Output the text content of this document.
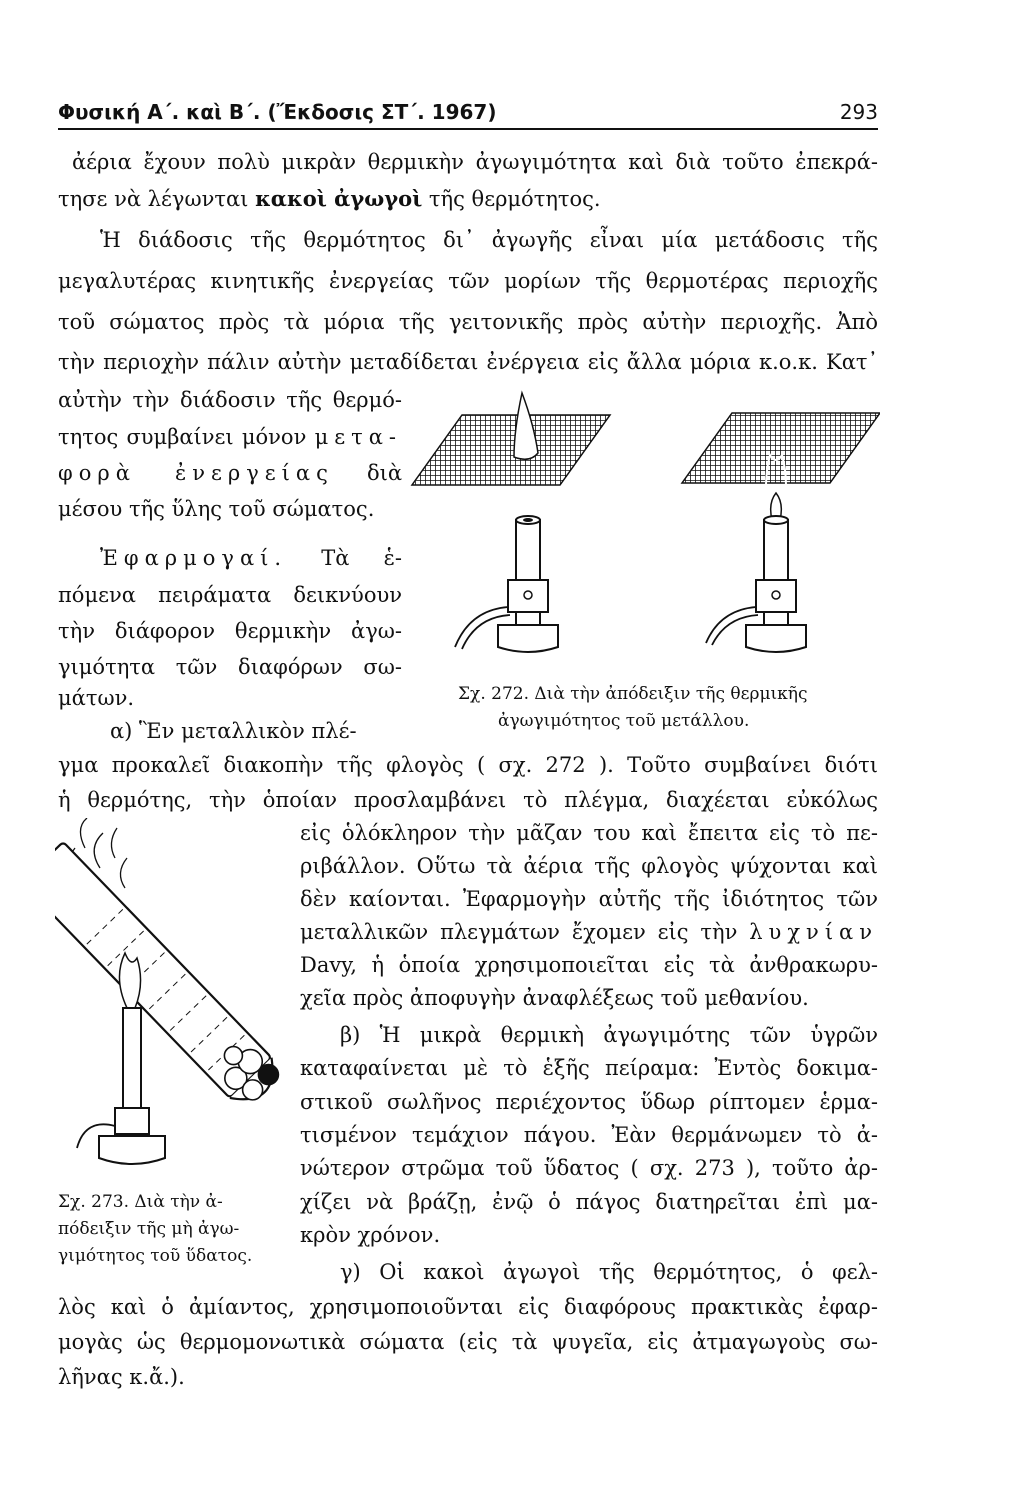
Φυσική Α΄. καὶ Β΄. (Ἔκδοσις ΣΤ΄. 1967)	293
ἀέρια ἔχουν πολὺ μικρὰν θερμικὴν ἀγωγιμότητα καὶ διὰ τοῦτο ἐπεκρά-
τησε νὰ λέγωνται κακοὶ ἀγωγοὶ τῆς θερμότητος.
Ἡ διάδοσις τῆς θερμότητος δι᾽ ἀγωγῆς εἶναι μία μετάδοσις τῆς
μεγαλυτέρας κινητικῆς ἐνεργείας τῶν μορίων τῆς θερμοτέρας περιοχῆς
τοῦ σώματος πρὸς τὰ μόρια τῆς γειτονικῆς πρὸς αὐτὴν περιοχῆς. Ἀπὸ
τὴν περιοχὴν πάλιν αὐτὴν μεταδίδεται ἐνέργεια εἰς ἄλλα μόρια κ.ο.κ. Κατ᾽
αὐτὴν τὴν διάδοσιν τῆς θερμό-
τητος συμβαίνει μόνον μετα-
φορὰ ἐνεργείας διὰ
μέσου τῆς ὕλης τοῦ σώματος.
Ἐφαρμογαί. Τὰ ἑ-
πόμενα πειράματα δεικνύουν
τὴν διάφορον θερμικὴν ἀγω-
γιμότητα τῶν διαφόρων σω-
μάτων.
α) Ἓν μεταλλικὸν πλέ-
γμα προκαλεῖ διακοπὴν τῆς φλογὸς ( σχ. 272 ). Τοῦτο συμβαίνει διότι
ἡ θερμότης, τὴν ὁποίαν προσλαμβάνει τὸ πλέγμα, διαχέεται εὐκόλως
εἰς ὁλόκληρον τὴν μᾶζαν του καὶ ἔπειτα εἰς τὸ πε-
ριβάλλον. Οὕτω τὰ ἀέρια τῆς φλογὸς ψύχονται καὶ
δὲν καίονται. Ἐφαρμογὴν αὐτῆς τῆς ἰδιότητος τῶν
μεταλλικῶν πλεγμάτων ἔχομεν εἰς τὴν λυχνίαν
Davy, ἡ ὁποία χρησιμοποιεῖται εἰς τὰ ἀνθρακωρυ-
χεῖα πρὸς ἀποφυγὴν ἀναφλέξεως τοῦ μεθανίου.
β) Ἡ μικρὰ θερμικὴ ἀγωγιμότης τῶν ὑγρῶν
καταφαίνεται μὲ τὸ ἑξῆς πείραμα: Ἐντὸς δοκιμα-
στικοῦ σωλῆνος περιέχοντος ὕδωρ ρίπτομεν ἑρμα-
τισμένον τεμάχιον πάγου. Ἐὰν θερμάνωμεν τὸ ἀ-
νώτερον στρῶμα τοῦ ὕδατος ( σχ. 273 ), τοῦτο ἀρ-
χίζει νὰ βράζῃ, ἐνῷ ὁ πάγος διατηρεῖται ἐπὶ μα-
κρὸν χρόνον.
γ) Οἱ κακοὶ ἀγωγοὶ τῆς θερμότητος, ὁ φελ-
λὸς καὶ ὁ ἀμίαντος, χρησιμοποιοῦνται εἰς διαφόρους πρακτικὰς ἐφαρ-
μογὰς ὡς θερμομονωτικὰ σώματα (εἰς τὰ ψυγεῖα, εἰς ἀτμαγωγοὺς σω-
λῆνας κ.ἄ.).
Σχ. 272. Διὰ τὴν ἀπόδειξιν τῆς θερμικῆς
ἀγωγιμότητος τοῦ μετάλλου.
Σχ. 273. Διὰ τὴν ἀ-
πόδειξιν τῆς μὴ ἀγω-
γιμότητος τοῦ ὕδατος.
